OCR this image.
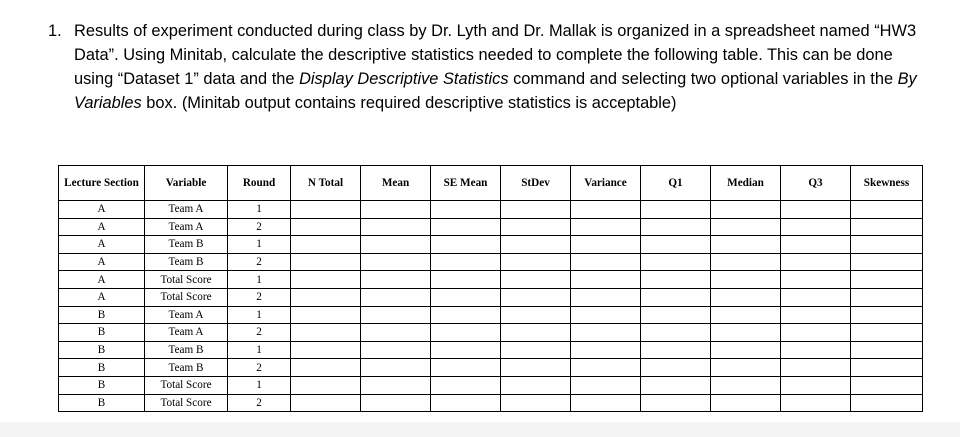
1. Results of experiment conducted during class by Dr. Lyth and Dr. Mallak is organized in a spreadsheet named “HW3 Data”. Using Minitab, calculate the descriptive statistics needed to complete the following table. This can be done using “Dataset 1” data and the Display Descriptive Statistics command and selecting two optional variables in the By Variables box. (Minitab output contains required descriptive statistics is acceptable)
Lecture Section	Variable	Round	N Total	Mean	SE Mean	StDev	Variance	Q1	Median	Q3	Skewness
A	Team A	1									
A	Team A	2									
A	Team B	1									
A	Team B	2									
A	Total Score	1									
A	Total Score	2									
B	Team A	1									
B	Team A	2									
B	Team B	1									
B	Team B	2									
B	Total Score	1									
B	Total Score	2									
